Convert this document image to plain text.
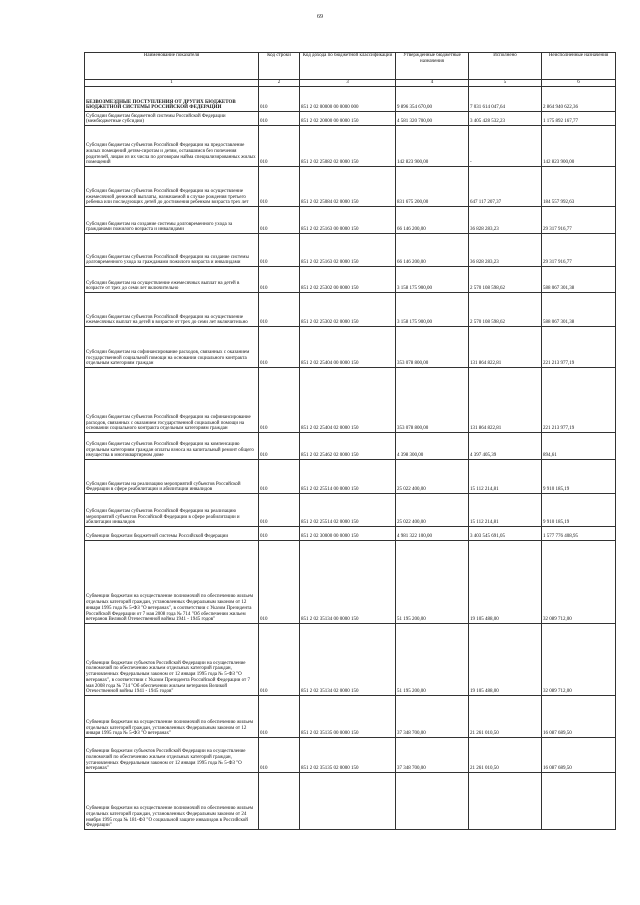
69
Наименование показателя	Код строки	Код дохода по бюджетной классификации	Утвержденные бюджетные назначения	Исполнено	Неисполненные назначения
1	2	3	4	5	6
БЕЗВОЗМЕЗДНЫЕ ПОСТУПЛЕНИЯ ОТ ДРУГИХ БЮДЖЕТОВ БЮДЖЕТНОЙ СИСТЕМЫ РОССИЙСКОЙ ФЕДЕРАЦИИ	010	851 2 02 00000 00 0000 000	9 896 354 670,00	7 031 614 047,64	2 864 940 622,36
Субсидии бюджетам бюджетной системы Российской Федерации (межбюджетные субсидии)	010	851 2 02 20000 00 0000 150	4 581 320 700,00	3 405 428 532,23	1 175 892 167,77
Субсидии бюджетам субъектов Российской Федерации на предоставление жилых помещений детям-сиротам и детям, оставшимся без попечения родителей, лицам из их числа по договорам найма специализированных жилых помещений	010	851 2 02 25082 02 0000 150	142 823 900,00	-	142 823 900,00
Субсидии бюджетам субъектов Российской Федерации на осуществление ежемесячной денежной выплаты, назначаемой в случае рождения третьего ребенка или последующих детей до достижения ребенком возраста трех лет	010	851 2 02 25084 02 0000 150	831 675 200,00	647 117 207,37	184 557 992,63
Субсидии бюджетам на создание системы долговременного ухода за гражданами пожилого возраста и инвалидами	010	851 2 02 25163 00 0000 150	66 146 200,00	36 828 283,23	29 317 916,77
Субсидии бюджетам субъектов Российской Федерации на создание системы долговременного ухода за гражданами пожилого возраста и инвалидами	010	851 2 02 25163 02 0000 150	66 146 200,00	36 828 283,23	29 317 916,77
Субсидии бюджетам на осуществление ежемесячных выплат на детей в возрасте от трех до семи лет включительно	010	851 2 02 25302 00 0000 150	3 158 175 900,00	2 570 108 598,62	588 067 301,38
Субсидии бюджетам субъектов Российской Федерации на осуществление ежемесячных выплат на детей в возрасте от трех до семи лет включительно	010	851 2 02 25302 02 0000 150	3 158 175 900,00	2 570 108 598,62	588 067 301,38
Субсидии бюджетам на софинансирование расходов, связанных с оказанием государственной социальной помощи на основании социального контракта отдельным категориям граждан	010	851 2 02 25404 00 0000 150	353 078 800,00	131 864 822,81	221 213 977,19
Субсидии бюджетам субъектов Российской Федерации на софинансирование расходов, связанных с оказанием государственной социальной помощи на основании социального контракта отдельным категориям граждан	010	851 2 02 25404 02 0000 150	353 078 800,00	131 864 822,81	221 213 977,19
Субсидии бюджетам субъектов Российской Федерации на компенсацию отдельным категориям граждан оплаты взноса на капитальный ремонт общего имущества в многоквартирном доме	010	851 2 02 25462 02 0000 150	4 398 300,00	4 397 405,39	894,61
Субсидии бюджетам на реализацию мероприятий субъектов Российской Федерации в сфере реабилитации и абилитации инвалидов	010	851 2 02 25514 00 0000 150	25 022 400,00	15 112 214,81	9 910 185,19
Субсидии бюджетам субъектов Российской Федерации на реализацию мероприятий субъектов Российской Федерации в сфере реабилитации и абилитации инвалидов	010	851 2 02 25514 02 0000 150	25 022 400,00	15 112 214,81	9 910 185,19
Субвенции бюджетам бюджетной системы Российской Федерации	010	851 2 02 30000 00 0000 150	4 981 322 100,00	3 403 545 691,05	1 577 776 408,95
Субвенции бюджетам на осуществление полномочий по обеспечению жильем отдельных категорий граждан, установленных Федеральным законом от 12 января 1995 года № 5-ФЗ "О ветеранах", в соответствии с Указом Президента Российской Федерации от 7 мая 2008 года № 714 "Об обеспечении жильем ветеранов Великой Отечественной войны 1941 - 1945 годов"	010	851 2 02 35134 00 0000 150	51 195 200,00	19 105 488,00	32 089 712,00
Субвенции бюджетам субъектов Российской Федерации на осуществление полномочий по обеспечению жильем отдельных категорий граждан, установленных Федеральным законом от 12 января 1995 года № 5-ФЗ "О ветеранах", в соответствии с Указом Президента Российской Федерации от 7 мая 2008 года № 714 "Об обеспечении жильем ветеранов Великой Отечественной войны 1941 - 1945 годов"	010	851 2 02 35134 02 0000 150	51 195 200,00	19 105 488,00	32 089 712,00
Субвенции бюджетам на осуществление полномочий по обеспечению жильем отдельных категорий граждан, установленных Федеральным законом от 12 января 1995 года № 5-ФЗ "О ветеранах"	010	851 2 02 35135 00 0000 150	37 348 700,00	21 261 010,50	16 087 689,50
Субвенции бюджетам субъектов Российской Федерации на осуществление полномочий по обеспечению жильем отдельных категорий граждан, установленных Федеральным законом от 12 января 1995 года № 5-ФЗ "О ветеранах"	010	851 2 02 35135 02 0000 150	37 348 700,00	21 261 010,50	16 087 689,50
Субвенции бюджетам на осуществление полномочий по обеспечению жильем отдельных категорий граждан, установленных Федеральным законом от 24 ноября 1995 года № 181-ФЗ "О социальной защите инвалидов в Российской Федерации"					
